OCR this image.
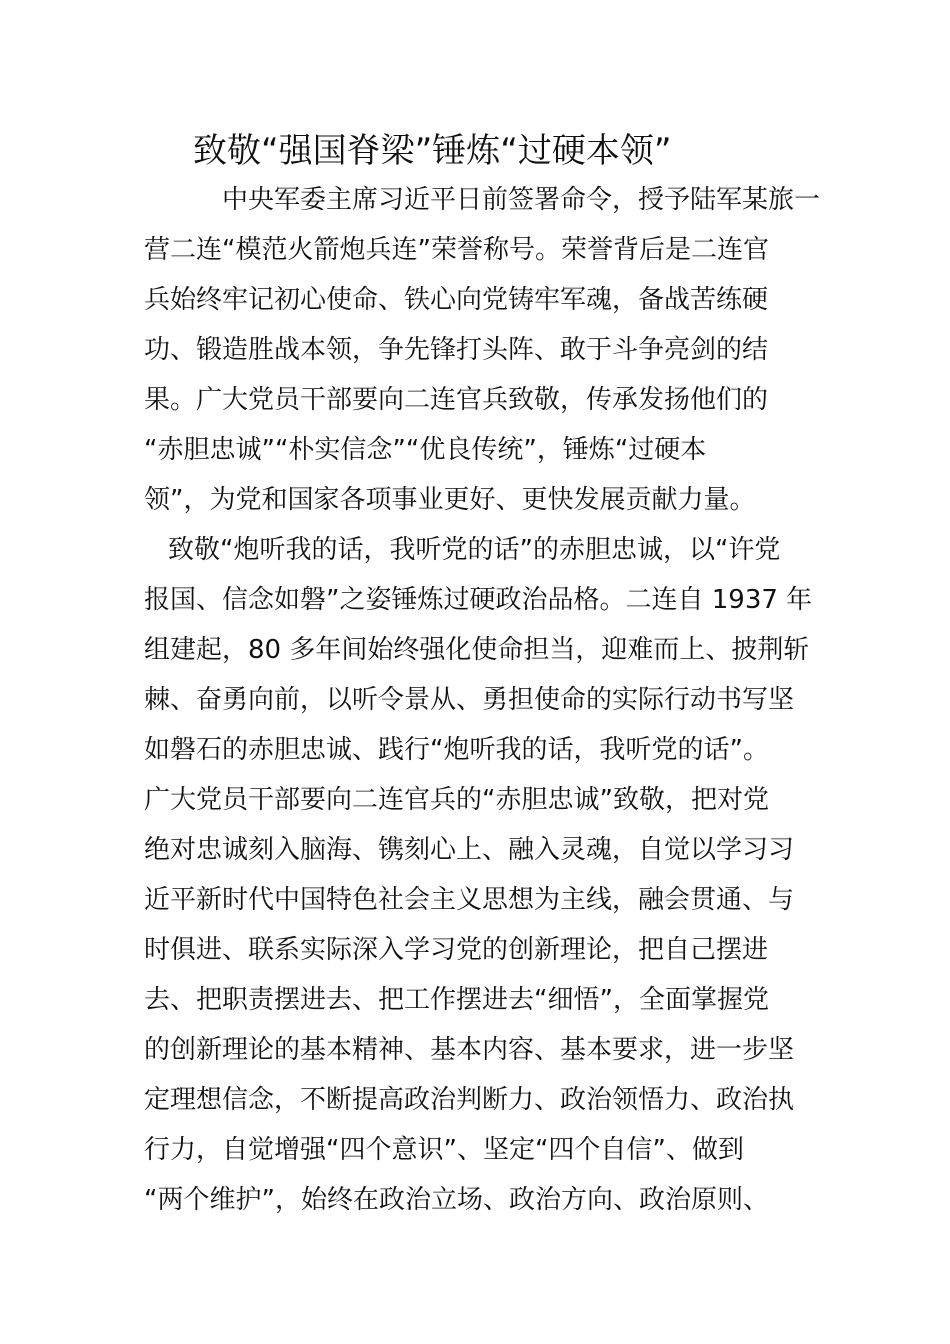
致敬“强国脊梁”锤炼“过硬本领”
中央军委主席习近平日前签署命令，授予陆军某旅一
营二连“模范火箭炮兵连”荣誉称号。荣誉背后是二连官
兵始终牢记初心使命、铁心向党铸牢军魂，备战苦练硬
功、锻造胜战本领，争先锋打头阵、敢于斗争亮剑的结
果。广大党员干部要向二连官兵致敬，传承发扬他们的
“赤胆忠诚”“朴实信念”“优良传统”，锤炼“过硬本
领”，为党和国家各项事业更好、更快发展贡献力量。
致敬“炮听我的话，我听党的话”的赤胆忠诚，以“许党
报国、信念如磐”之姿锤炼过硬政治品格。二连自 1937 年
组建起，80 多年间始终强化使命担当，迎难而上、披荆斩
棘、奋勇向前，以听令景从、勇担使命的实际行动书写坚
如磐石的赤胆忠诚、践行“炮听我的话，我听党的话”。
广大党员干部要向二连官兵的“赤胆忠诚”致敬，把对党
绝对忠诚刻入脑海、镌刻心上、融入灵魂，自觉以学习习
近平新时代中国特色社会主义思想为主线，融会贯通、与
时俱进、联系实际深入学习党的创新理论，把自己摆进
去、把职责摆进去、把工作摆进去“细悟”，全面掌握党
的创新理论的基本精神、基本内容、基本要求，进一步坚
定理想信念，不断提高政治判断力、政治领悟力、政治执
行力，自觉增强“四个意识”、坚定“四个自信”、做到
“两个维护”，始终在政治立场、政治方向、政治原则、
